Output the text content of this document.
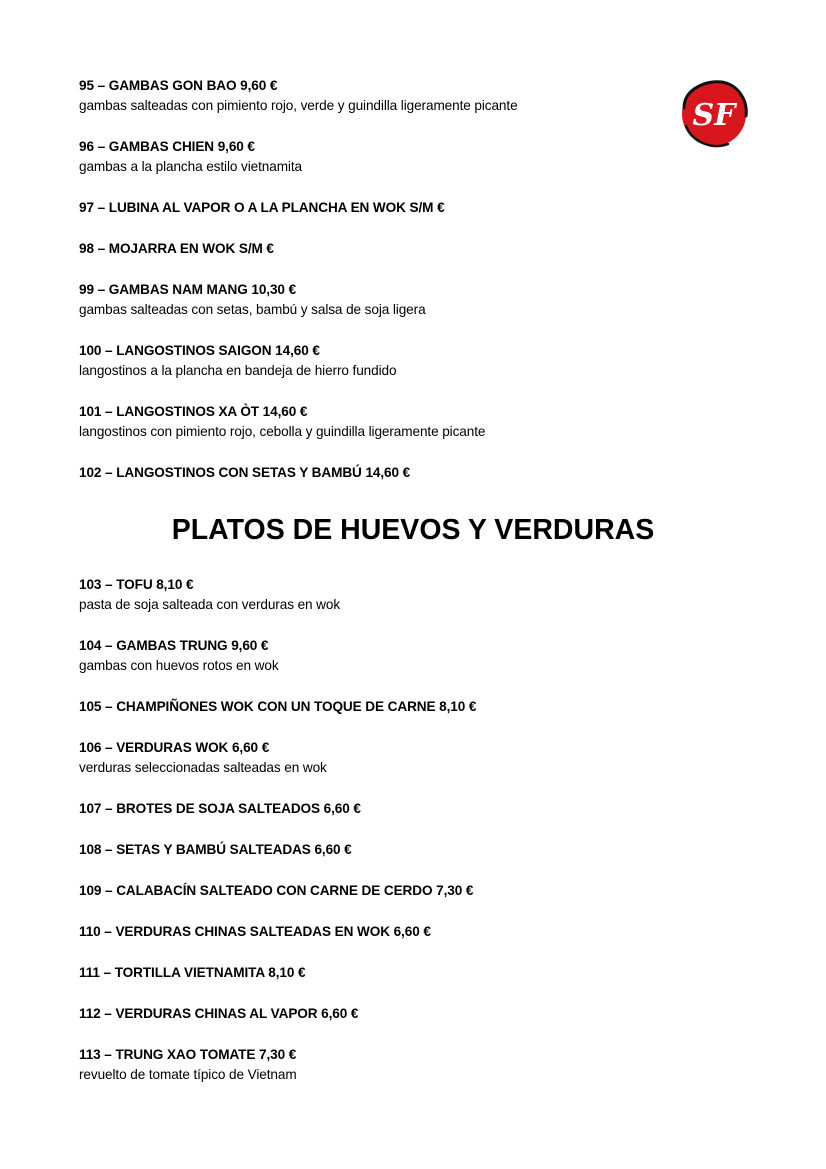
SF
95 – GAMBAS GON BAO 9,60 €
gambas salteadas con pimiento rojo, verde y guindilla ligeramente picante
96 – GAMBAS CHIEN 9,60 €
gambas a la plancha estilo vietnamita
97 – LUBINA AL VAPOR O A LA PLANCHA EN WOK S/M €
98 – MOJARRA EN WOK S/M €
99 – GAMBAS NAM MANG 10,30 €
gambas salteadas con setas, bambú y salsa de soja ligera
100 – LANGOSTINOS SAIGON 14,60 €
langostinos a la plancha en bandeja de hierro fundido
101 – LANGOSTINOS XA ÒT 14,60 €
langostinos con pimiento rojo, cebolla y guindilla ligeramente picante
102 – LANGOSTINOS CON SETAS Y BAMBÚ 14,60 €
PLATOS DE HUEVOS Y VERDURAS
103 – TOFU 8,10 €
pasta de soja salteada con verduras en wok
104 – GAMBAS TRUNG 9,60 €
gambas con huevos rotos en wok
105 – CHAMPIÑONES WOK CON UN TOQUE DE CARNE 8,10 €
106 – VERDURAS WOK 6,60 €
verduras seleccionadas salteadas en wok
107 – BROTES DE SOJA SALTEADOS 6,60 €
108 – SETAS Y BAMBÚ SALTEADAS 6,60 €
109 – CALABACÍN SALTEADO CON CARNE DE CERDO 7,30 €
110 – VERDURAS CHINAS SALTEADAS EN WOK 6,60 €
111 – TORTILLA VIETNAMITA 8,10 €
112 – VERDURAS CHINAS AL VAPOR 6,60 €
113 – TRUNG XAO TOMATE 7,30 €
revuelto de tomate típico de Vietnam
